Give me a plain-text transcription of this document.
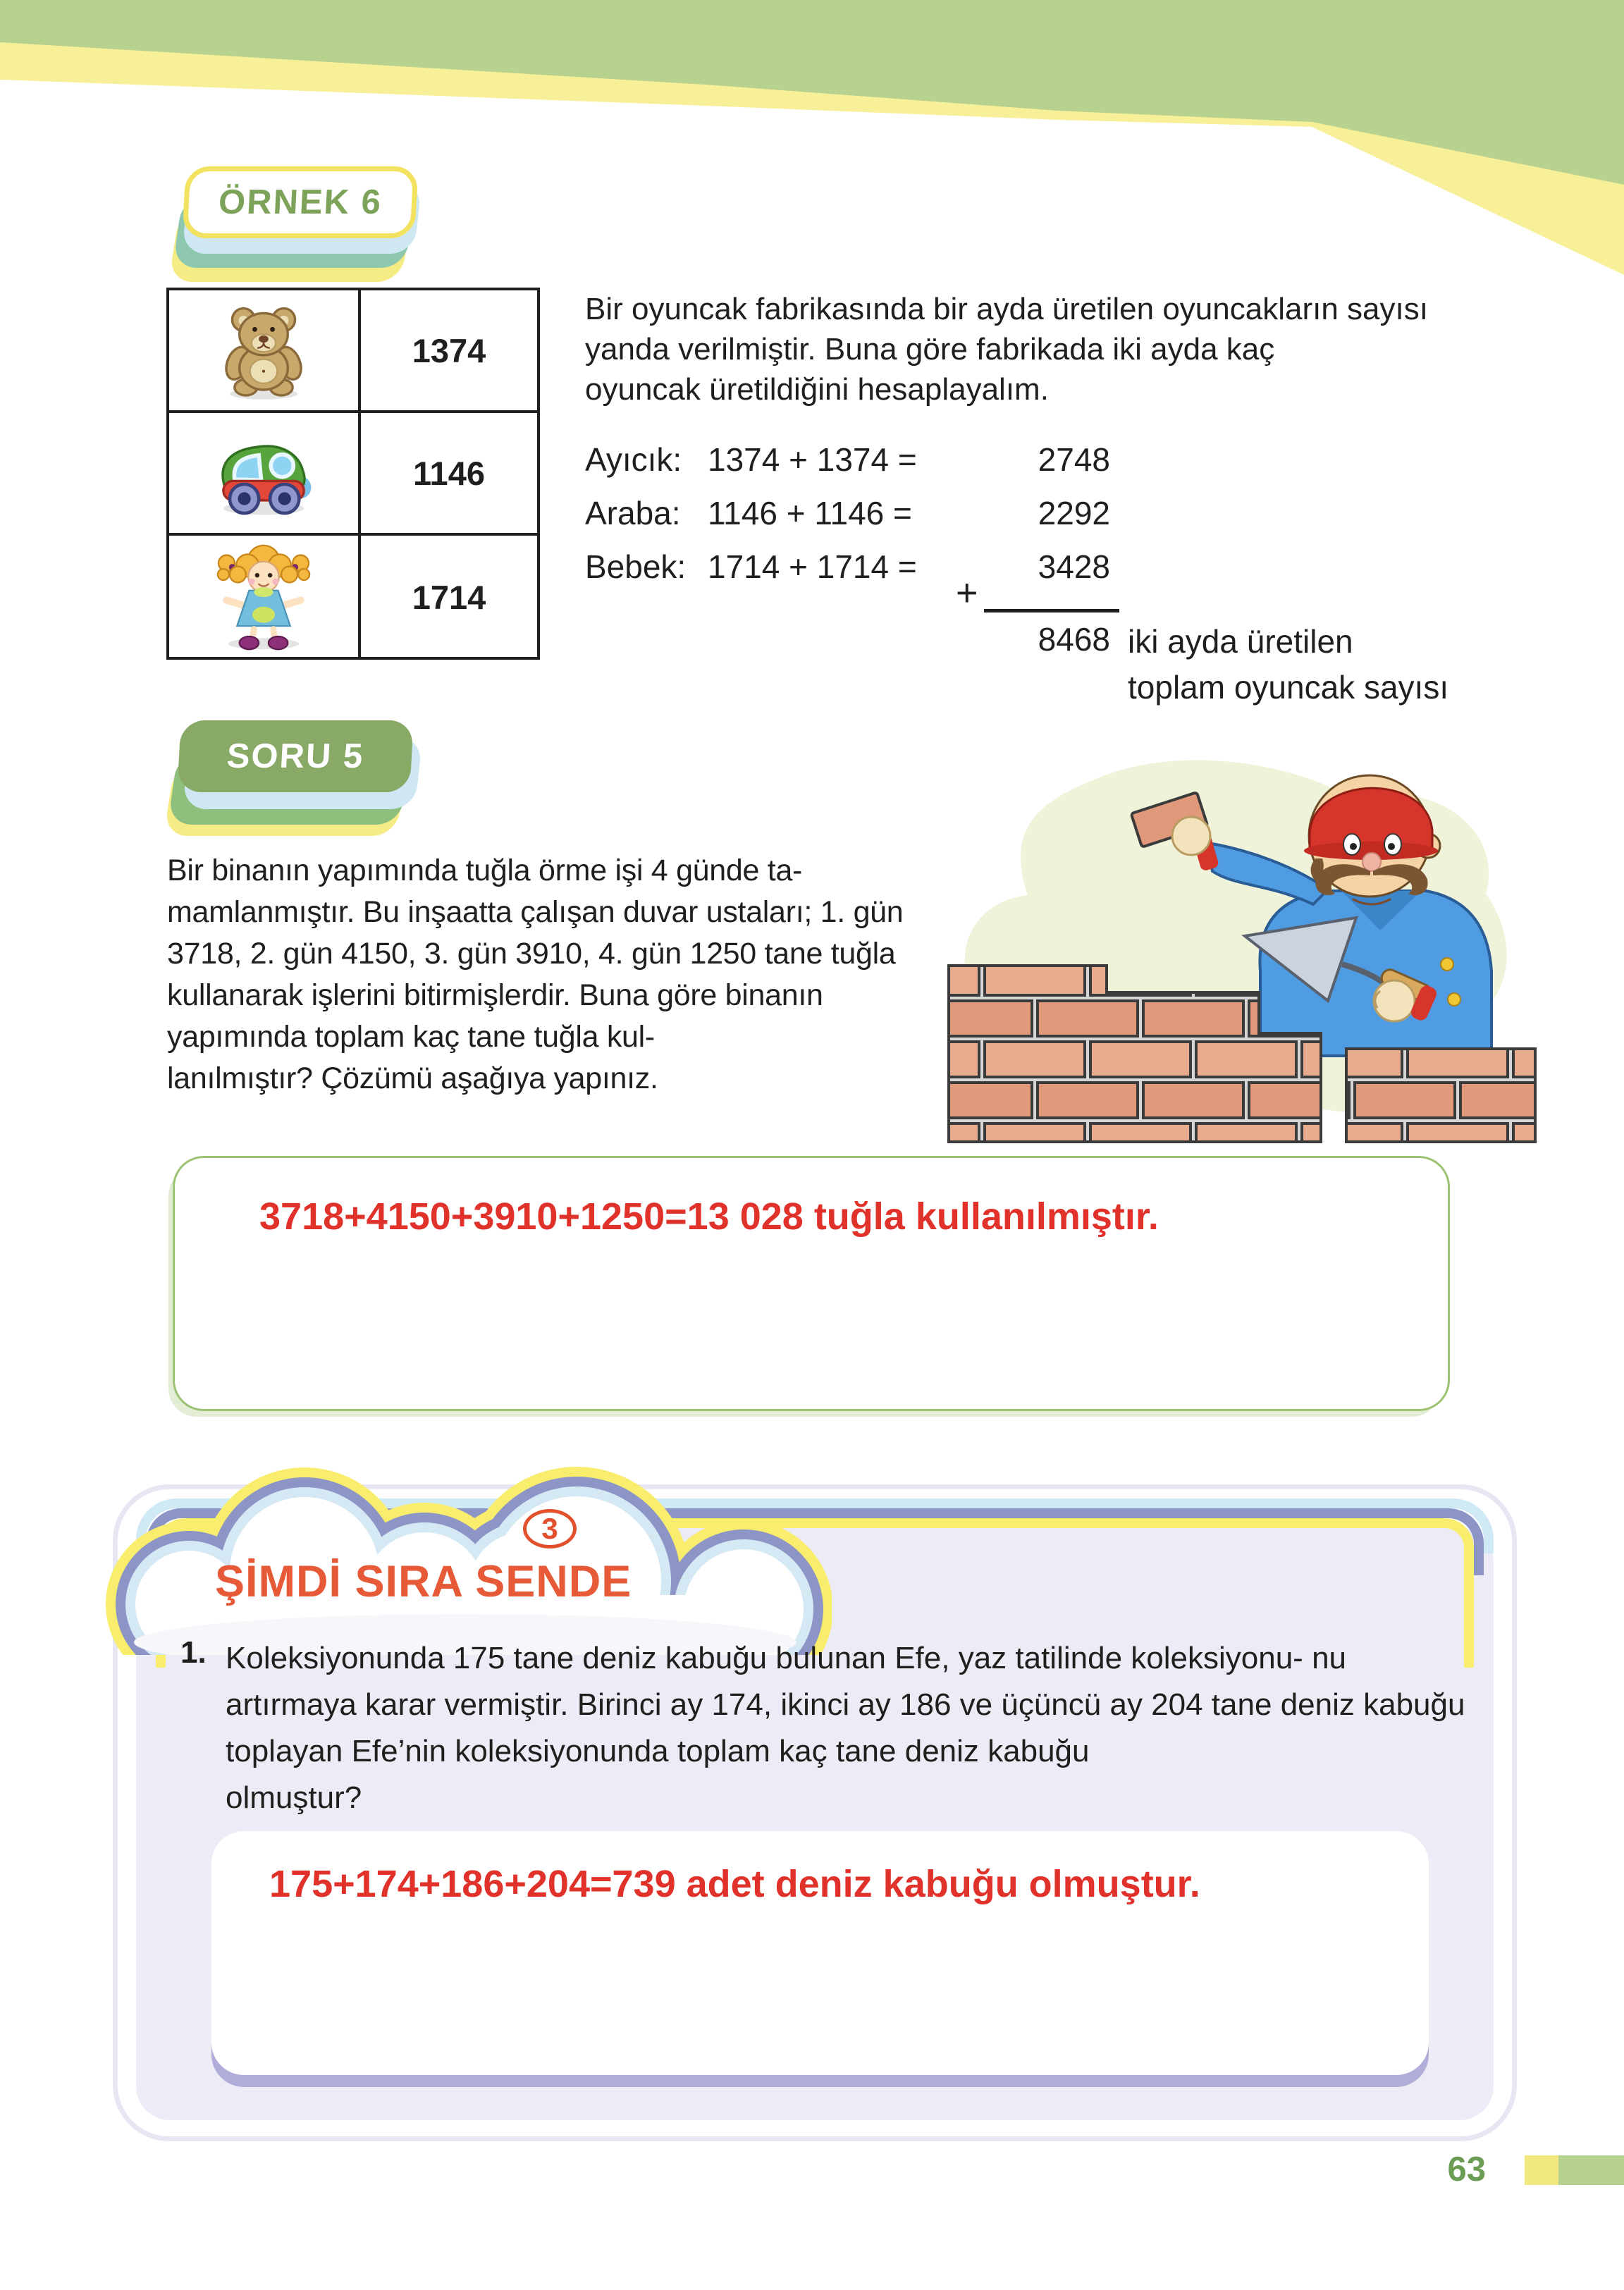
ÖRNEK 6
1374
1146
1714
Bir oyuncak fabrikasında bir ayda üretilen oyuncakların sayısı yanda verilmiştir. Buna göre fabrikada iki ayda kaç
oyuncak üretildiğini hesaplayalım.
Ayıcık: 1374 + 1374 =	2748
Araba: 1146 + 1146 =	2292
Bebek: 1714 + 1714 =	3428
+
8468 iki ayda üretilen
toplam oyuncak sayısı
SORU 5
Bir binanın yapımında tuğla örme işi 4 günde ta- mamlanmıştır. Bu inşaatta çalışan duvar ustaları; 1. gün 3718, 2. gün 4150, 3. gün 3910, 4. gün 1250 tane tuğla kullanarak işlerini bitirmişlerdir. Buna göre binanın yapımında toplam kaç tane tuğla kul-
lanılmıştır? Çözümü aşağıya yapınız.
3718+4150+3910+1250=13 028 tuğla kullanılmıştır.
3
ŞİMDİ SIRA SENDE
1. Koleksiyonunda 175 tane deniz kabuğu bulunan Efe, yaz tatilinde koleksiyonu- nu artırmaya karar vermiştir. Birinci ay 174, ikinci ay 186 ve üçüncü ay 204 tane deniz kabuğu toplayan Efe’nin koleksiyonunda toplam kaç tane deniz kabuğu
olmuştur?
175+174+186+204=739 adet deniz kabuğu olmuştur.
63
